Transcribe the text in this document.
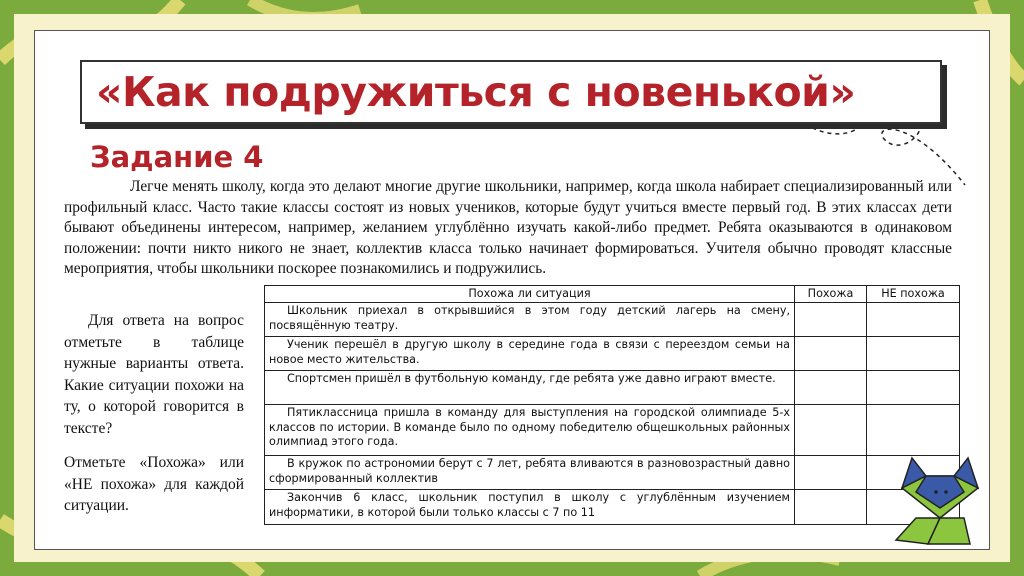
«Как подружиться с новенькой»
Задание 4

Легче менять школу, когда это делают многие другие школьники, например, когда школа набирает специализированный или профильный класс. Часто такие классы состоят из новых учеников, которые будут учиться вместе первый год. В этих классах дети бывают объединены интересом, например, желанием углублённо изучать какой-либо предмет. Ребята оказываются в одинаковом положении: почти никто никого не знает, коллектив класса только начинает формироваться. Учителя обычно проводят классные мероприятия, чтобы школьники поскорее познакомились и подружились.

Для ответа на вопрос отметьте в таблице нужные варианты ответа. Какие ситуации похожи на ту, о которой говорится в тексте?

Отметьте «Похожа» или «НЕ похожа» для каждой ситуации.

Похожа ли ситуация	Похожа	НЕ похожа
Школьник приехал в открывшийся в этом году детский лагерь на смену, посвящённую театру.		
Ученик перешёл в другую школу в середине года в связи с переездом семьи на новое место жительства.		
Спортсмен пришёл в футбольную команду, где ребята уже давно играют вместе.		
Пятиклассница пришла в команду для выступления на городской олимпиаде 5-х классов по истории. В команде было по одному победителю общешкольных районных олимпиад этого года.		
В кружок по астрономии берут с 7 лет, ребята вливаются в разновозрастный давно сформированный коллектив		
Закончив 6 класс, школьник поступил в школу с углублённым изучением информатики, в которой были только классы с 7 по 11		
